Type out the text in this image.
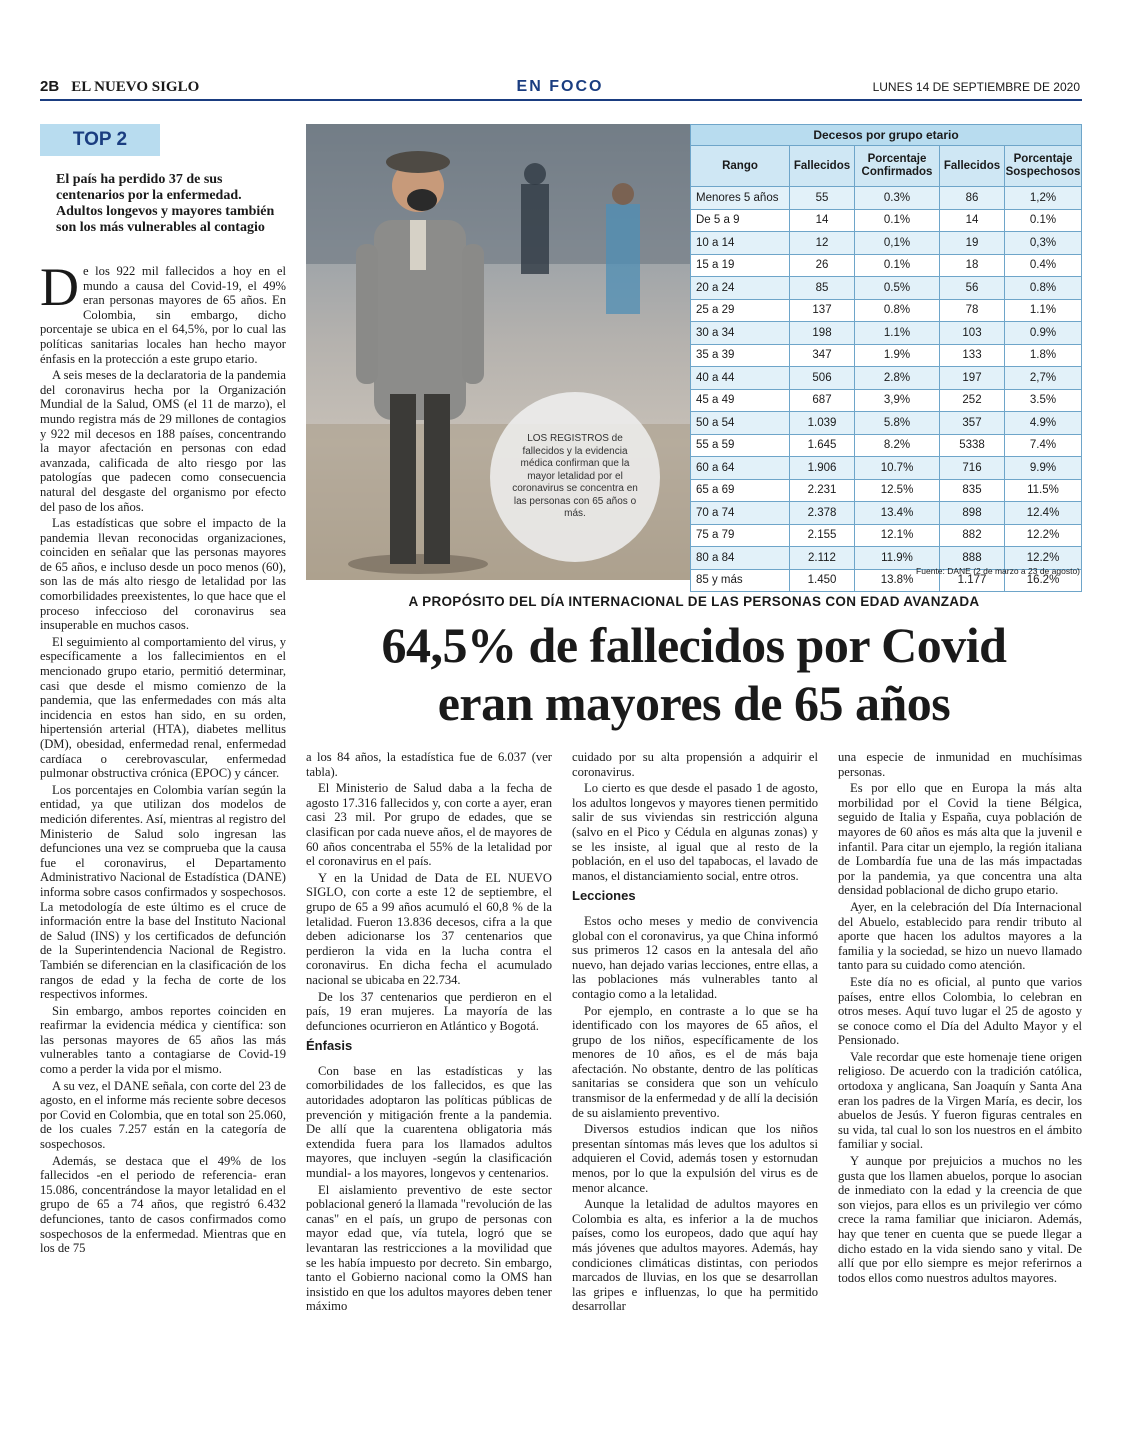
2B EL NUEVO SIGLO	EN FOCO	LUNES 14 DE SEPTIEMBRE DE 2020
TOP 2
El país ha perdido 37 de sus centenarios por la enfermedad. Adultos longevos y mayores también son los más vulnerables al contagio
LOS REGISTROS de fallecidos y la evidencia médica confirman que la mayor letalidad por el coronavirus se concentra en las personas con 65 años o más.
Decesos por grupo etario				
Rango	Fallecidos	Porcentaje Confirmados	Fallecidos	Porcentaje Sospechosos
Menores 5 años	55	0.3%	86	1,2%
De 5 a 9	14	0.1%	14	0.1%
10 a 14	12	0,1%	19	0,3%
15 a 19	26	0.1%	18	0.4%
20 a 24	85	0.5%	56	0.8%
25 a 29	137	0.8%	78	1.1%
30 a 34	198	1.1%	103	0.9%
35 a 39	347	1.9%	133	1.8%
40 a 44	506	2.8%	197	2,7%
45 a 49	687	3,9%	252	3.5%
50 a 54	1.039	5.8%	357	4.9%
55 a 59	1.645	8.2%	5338	7.4%
60 a 64	1.906	10.7%	716	9.9%
65 a 69	2.231	12.5%	835	11.5%
70 a 74	2.378	13.4%	898	12.4%
75 a 79	2.155	12.1%	882	12.2%
80 a 84	2.112	11.9%	888	12.2%
85 y más	1.450	13.8%	1.177	16.2%
Fuente: DANE (2 de marzo a 23 de agosto)
A PROPÓSITO DEL DÍA INTERNACIONAL DE LAS PERSONAS CON EDAD AVANZADA
64,5% de fallecidos por Covid
eran mayores de 65 años

De los 922 mil fallecidos a hoy en el mundo a causa del Covid-19, el 49% eran personas mayores de 65 años. En Colombia, sin embargo, dicho porcentaje se ubica en el 64,5%, por lo cual las políticas sanitarias locales han hecho mayor énfasis en la protección a este grupo etario.

A seis meses de la declaratoria de la pandemia del coronavirus hecha por la Organización Mundial de la Salud, OMS (el 11 de marzo), el mundo registra más de 29 millones de contagios y 922 mil decesos en 188 países, concentrando la mayor afectación en personas con edad avanzada, calificada de alto riesgo por las patologías que padecen como consecuencia natural del desgaste del organismo por efecto del paso de los años.

Las estadísticas que sobre el impacto de la pandemia llevan reconocidas organizaciones, coinciden en señalar que las personas mayores de 65 años, e incluso desde un poco menos (60), son las de más alto riesgo de letalidad por las comorbilidades preexistentes, lo que hace que el proceso infeccioso del coronavirus sea insuperable en muchos casos.

El seguimiento al comportamiento del virus, y específicamente a los fallecimientos en el mencionado grupo etario, permitió determinar, casi que desde el mismo comienzo de la pandemia, que las enfermedades con más alta incidencia en estos han sido, en su orden, hipertensión arterial (HTA), diabetes mellitus (DM), obesidad, enfermedad renal, enfermedad cardíaca o cerebrovascular, enfermedad pulmonar obstructiva crónica (EPOC) y cáncer.

Los porcentajes en Colombia varían según la entidad, ya que utilizan dos modelos de medición diferentes. Así, mientras al registro del Ministerio de Salud solo ingresan las defunciones una vez se comprueba que la causa fue el coronavirus, el Departamento Administrativo Nacional de Estadística (DANE) informa sobre casos confirmados y sospechosos. La metodología de este último es el cruce de información entre la base del Instituto Nacional de Salud (INS) y los certificados de defunción de la Superintendencia Nacional de Registro. También se diferencian en la clasificación de los rangos de edad y la fecha de corte de los respectivos informes.

Sin embargo, ambos reportes coinciden en reafirmar la evidencia médica y científica: son las personas mayores de 65 años las más vulnerables tanto a contagiarse de Covid-19 como a perder la vida por el mismo.

A su vez, el DANE señala, con corte del 23 de agosto, en el informe más reciente sobre decesos por Covid en Colombia, que en total son 25.060, de los cuales 7.257 están en la categoría de sospechosos.

Además, se destaca que el 49% de los fallecidos -en el periodo de referencia- eran 15.086, concentrándose la mayor letalidad en el grupo de 65 a 74 años, que registró 6.432 defunciones, tanto de casos confirmados como sospechosos de la enfermedad. Mientras que en los de 75

a los 84 años, la estadística fue de 6.037 (ver tabla).

El Ministerio de Salud daba a la fecha de agosto 17.316 fallecidos y, con corte a ayer, eran casi 23 mil. Por grupo de edades, que se clasifican por cada nueve años, el de mayores de 60 años concentraba el 55% de la letalidad por el coronavirus en el país.

Y en la Unidad de Data de EL NUEVO SIGLO, con corte a este 12 de septiembre, el grupo de 65 a 99 años acumuló el 60,8 % de la letalidad. Fueron 13.836 decesos, cifra a la que deben adicionarse los 37 centenarios que perdieron la vida en la lucha contra el coronavirus. En dicha fecha el acumulado nacional se ubicaba en 22.734.

De los 37 centenarios que perdieron en el país, 19 eran mujeres. La mayoría de las defunciones ocurrieron en Atlántico y Bogotá.

Énfasis

Con base en las estadísticas y las comorbilidades de los fallecidos, es que las autoridades adoptaron las políticas públicas de prevención y mitigación frente a la pandemia. De allí que la cuarentena obligatoria más extendida fuera para los llamados adultos mayores, que incluyen -según la clasificación mundial- a los mayores, longevos y centenarios.

El aislamiento preventivo de este sector poblacional generó la llamada "revolución de las canas" en el país, un grupo de personas con mayor edad que, vía tutela, logró que se levantaran las restricciones a la movilidad que se les había impuesto por decreto. Sin embargo, tanto el Gobierno nacional como la OMS han insistido en que los adultos mayores deben tener máximo

cuidado por su alta propensión a adquirir el coronavirus.

Lo cierto es que desde el pasado 1 de agosto, los adultos longevos y mayores tienen permitido salir de sus viviendas sin restricción alguna (salvo en el Pico y Cédula en algunas zonas) y se les insiste, al igual que al resto de la población, en el uso del tapabocas, el lavado de manos, el distanciamiento social, entre otros.

Lecciones

Estos ocho meses y medio de convivencia global con el coronavirus, ya que China informó sus primeros 12 casos en la antesala del año nuevo, han dejado varias lecciones, entre ellas, a las poblaciones más vulnerables tanto al contagio como a la letalidad.

Por ejemplo, en contraste a lo que se ha identificado con los mayores de 65 años, el grupo de los niños, específicamente de los menores de 10 años, es el de más baja afectación. No obstante, dentro de las políticas sanitarias se considera que son un vehículo transmisor de la enfermedad y de allí la decisión de su aislamiento preventivo.

Diversos estudios indican que los niños presentan síntomas más leves que los adultos si adquieren el Covid, además tosen y estornudan menos, por lo que la expulsión del virus es de menor alcance.

Aunque la letalidad de adultos mayores en Colombia es alta, es inferior a la de muchos países, como los europeos, dado que aquí hay más jóvenes que adultos mayores. Además, hay condiciones climáticas distintas, con periodos marcados de lluvias, en los que se desarrollan las gripes e influenzas, lo que ha permitido desarrollar

una especie de inmunidad en muchísimas personas.

Es por ello que en Europa la más alta morbilidad por el Covid la tiene Bélgica, seguido de Italia y España, cuya población de mayores de 60 años es más alta que la juvenil e infantil. Para citar un ejemplo, la región italiana de Lombardía fue una de las más impactadas por la pandemia, ya que concentra una alta densidad poblacional de dicho grupo etario.

Ayer, en la celebración del Día Internacional del Abuelo, establecido para rendir tributo al aporte que hacen los adultos mayores a la familia y la sociedad, se hizo un nuevo llamado tanto para su cuidado como atención.

Este día no es oficial, al punto que varios países, entre ellos Colombia, lo celebran en otros meses. Aquí tuvo lugar el 25 de agosto y se conoce como el Día del Adulto Mayor y el Pensionado.

Vale recordar que este homenaje tiene origen religioso. De acuerdo con la tradición católica, ortodoxa y anglicana, San Joaquín y Santa Ana eran los padres de la Virgen María, es decir, los abuelos de Jesús. Y fueron figuras centrales en su vida, tal cual lo son los nuestros en el ámbito familiar y social.

Y aunque por prejuicios a muchos no les gusta que los llamen abuelos, porque lo asocian de inmediato con la edad y la creencia de que son viejos, para ellos es un privilegio ver cómo crece la rama familiar que iniciaron. Además, hay que tener en cuenta que se puede llegar a dicho estado en la vida siendo sano y vital. De allí que por ello siempre es mejor referirnos a todos ellos como nuestros adultos mayores.
